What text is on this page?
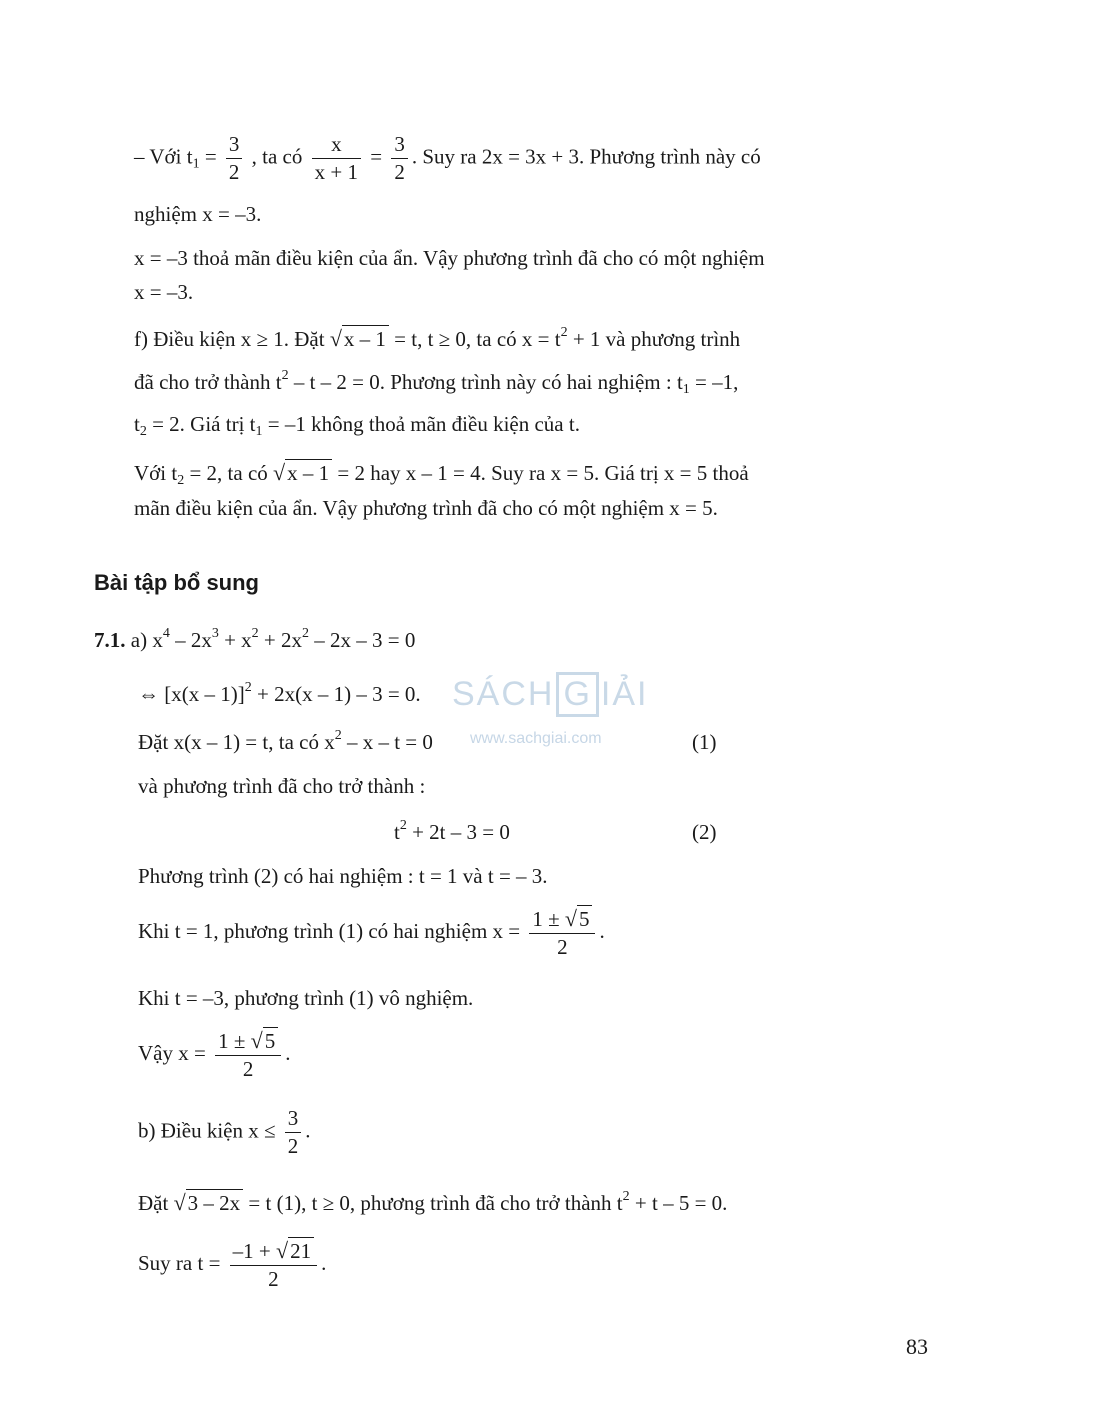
– Với $t_1 = \frac{3}{2}$ , ta có $\frac{x}{x + 1} = \frac{3}{2}$ . Suy ra 2x = 3x + 3. Phương trình này có
nghiệm x = –3.
x = –3 thoả mãn điều kiện của ẩn. Vậy phương trình đã cho có một nghiệm
x = –3.
f) Điều kiện x ≥ 1. Đặt √x – 1 = t, t ≥ 0, ta có $x = t^2 + 1$ và phương trình
đã cho trở thành $t^2 - t - 2 = 0$. Phương trình này có hai nghiệm : $t_1 = -1$,
$t_2 = 2$. Giá trị $t_1 = -1$ không thoả mãn điều kiện của t.
Với $t_2 = 2$, ta có √x – 1 = 2 hay x – 1 = 4. Suy ra x = 5. Giá trị x = 5 thoả
mãn điều kiện của ẩn. Vậy phương trình đã cho có một nghiệm x = 5.
Bài tập bổ sung
7.1. a) $x^4 - 2x^3 + x^2 + 2x^2 - 2x - 3 = 0$
⇔ [x(x – 1)]$^2$ + 2x(x – 1) – 3 = 0.
Đặt x(x – 1) = t, ta có $x^2 - x - t = 0$	(1)
và phương trình đã cho trở thành :
$t^2 + 2t - 3 = 0$	(2)
Phương trình (2) có hai nghiệm : t = 1 và t = – 3.
Khi t = 1, phương trình (1) có hai nghiệm $x = \frac{1 \pm √5}{2}$ .
Khi t = –3, phương trình (1) vô nghiệm.
Vậy $x = \frac{1 \pm √5}{2}$ .
b) Điều kiện $x \le \frac{3}{2}$ .
Đặt √3 – 2x = t (1), t ≥ 0, phương trình đã cho trở thành $t^2 + t - 5 = 0$.
Suy ra $t = \frac{-1 + √21}{2}$ .
SÁCH G IẢI
www.sachgiai.com
83
